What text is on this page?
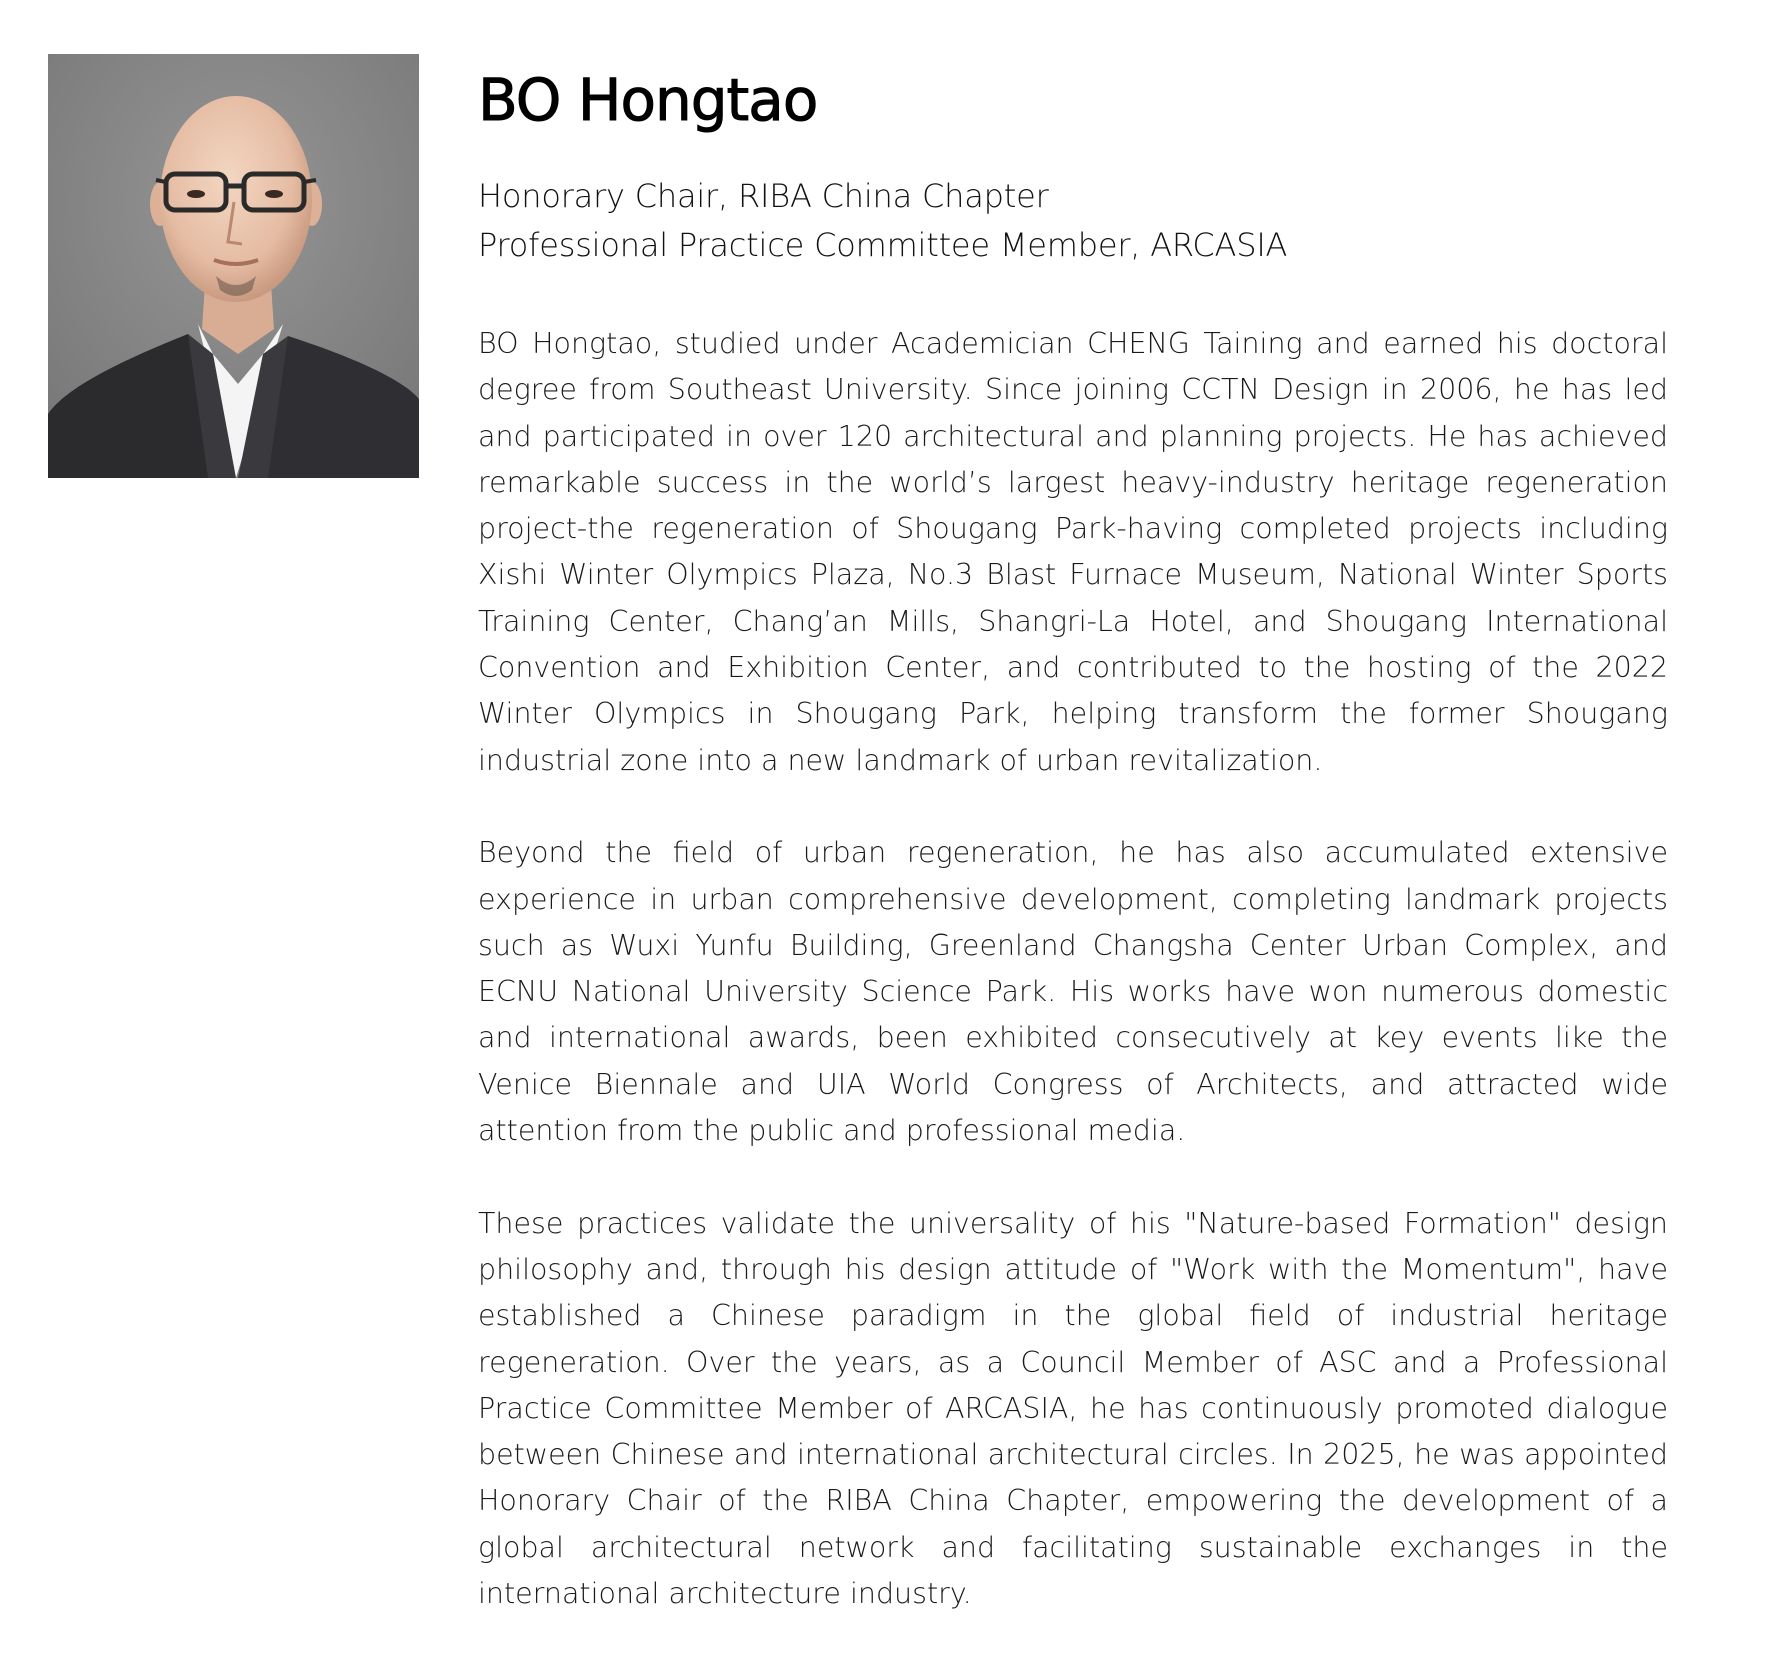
BO Hongtao
Honorary Chair, RIBA China Chapter
Professional Practice Committee Member, ARCASIA

BO Hongtao, studied under Academician CHENG Taining and earned his doctoral degree from Southeast University. Since joining CCTN Design in 2006, he has led and participated in over 120 architectural and planning projects. He has achieved remarkable success in the world’s largest heavy-industry heritage regeneration project-the regeneration of Shougang Park-having completed projects including Xishi Winter Olympics Plaza, No.3 Blast Furnace Museum, National Winter Sports Training Center, Chang’an Mills, Shangri-La Hotel, and Shougang International Convention and Exhibition Center, and contributed to the hosting of the 2022 Winter Olympics in Shougang Park, helping transform the former Shougang industrial zone into a new landmark of urban revitalization.

Beyond the field of urban regeneration, he has also accumulated extensive experience in urban comprehensive development, completing landmark projects such as Wuxi Yunfu Building, Greenland Changsha Center Urban Complex, and ECNU National University Science Park. His works have won numerous domestic and international awards, been exhibited consecutively at key events like the Venice Biennale and UIA World Congress of Architects, and attracted wide attention from the public and professional media.

These practices validate the universality of his "Nature-based Formation" design philosophy and, through his design attitude of "Work with the Momentum", have established a Chinese paradigm in the global field of industrial heritage regeneration. Over the years, as a Council Member of ASC and a Professional Practice Committee Member of ARCASIA, he has continuously promoted dialogue between Chinese and international architectural circles. In 2025, he was appointed Honorary Chair of the RIBA China Chapter, empowering the development of a global architectural network and facilitating sustainable exchanges in the international architecture industry.
